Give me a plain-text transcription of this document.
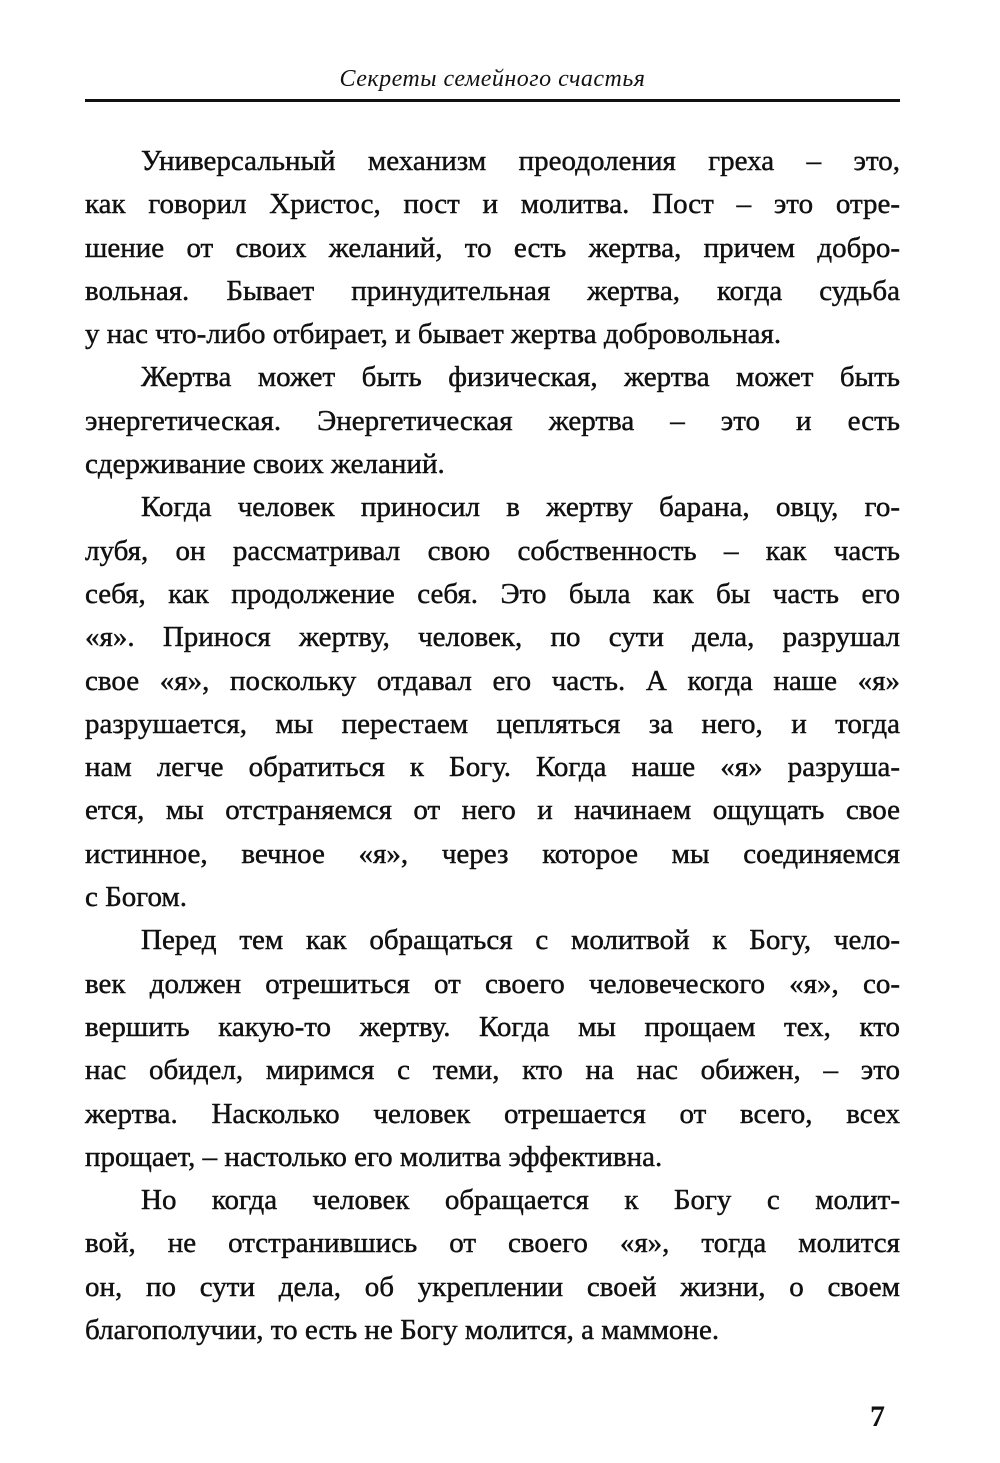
Секреты семейного счастья
Универсальный механизм преодоления греха – это,
как говорил Христос, пост и молитва. Пост – это отре-
шение от своих желаний, то есть жертва, причем добро-
вольная. Бывает принудительная жертва, когда судьба
у нас что-либо отбирает, и бывает жертва добровольная.
Жертва может быть физическая, жертва может быть
энергетическая. Энергетическая жертва – это и есть
сдерживание своих желаний.
Когда человек приносил в жертву барана, овцу, го-
лубя, он рассматривал свою собственность – как часть
себя, как продолжение себя. Это была как бы часть его
«я». Принося жертву, человек, по сути дела, разрушал
свое «я», поскольку отдавал его часть. А когда наше «я»
разрушается, мы перестаем цепляться за него, и тогда
нам легче обратиться к Богу. Когда наше «я» разруша-
ется, мы отстраняемся от него и начинаем ощущать свое
истинное, вечное «я», через которое мы соединяемся
с Богом.
Перед тем как обращаться с молитвой к Богу, чело-
век должен отрешиться от своего человеческого «я», со-
вершить какую-то жертву. Когда мы прощаем тех, кто
нас обидел, миримся с теми, кто на нас обижен, – это
жертва. Насколько человек отрешается от всего, всех
прощает, – настолько его молитва эффективна.
Но когда человек обращается к Богу с молит-
вой, не отстранившись от своего «я», тогда молится
он, по сути дела, об укреплении своей жизни, о своем
благополучии, то есть не Богу молится, а маммоне.
7
